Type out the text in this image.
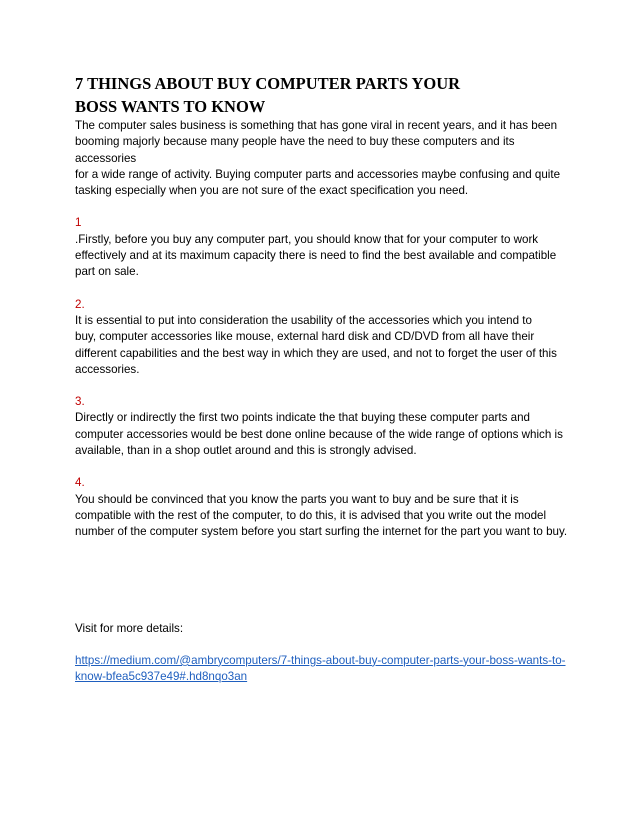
7 THINGS ABOUT BUY COMPUTER PARTS YOUR
BOSS WANTS TO KNOW

The computer sales business is something that has gone viral in recent years, and it has been
booming majorly because many people have the need to buy these computers and its
accessories
for a wide range of activity. Buying computer parts and accessories maybe confusing and quite
tasking especially when you are not sure of the exact specification you need.

1

.Firstly, before you buy any computer part, you should know that for your computer to work
effectively and at its maximum capacity there is need to find the best available and compatible
part on sale.

2.

It is essential to put into consideration the usability of the accessories which you intend to
buy, computer accessories like mouse, external hard disk and CD/DVD from all have their
different capabilities and the best way in which they are used, and not to forget the user of this
accessories.

3.

Directly or indirectly the first two points indicate the that buying these computer parts and
computer accessories would be best done online because of the wide range of options which is
available, than in a shop outlet around and this is strongly advised.

4.

You should be convinced that you know the parts you want to buy and be sure that it is
compatible with the rest of the computer, to do this, it is advised that you write out the model
number of the computer system before you start surfing the internet for the part you want to buy.

Visit for more details:

https://medium.com/@ambrycomputers/7-things-about-buy-computer-parts-your-boss-wants-to-
know-bfea5c937e49#.hd8nqo3an
